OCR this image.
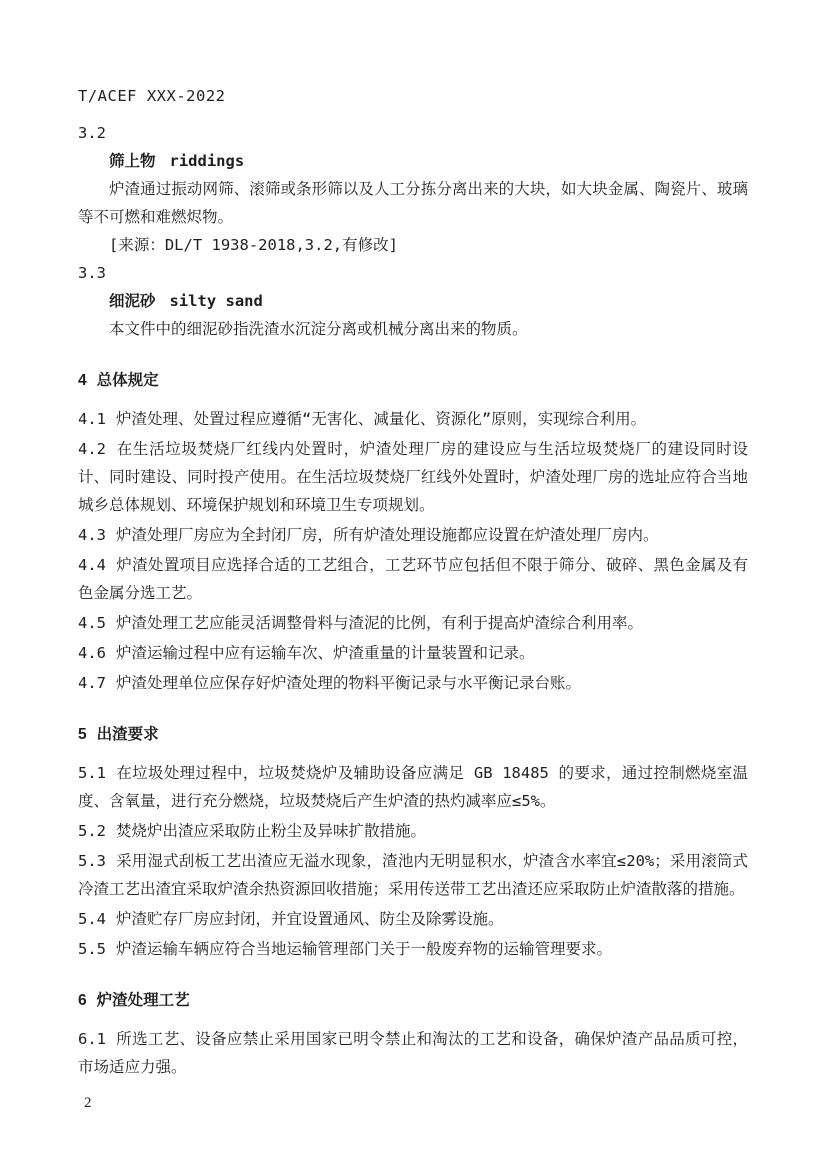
T/ACEF XXX-2022
3.2
筛上物 riddings

炉渣通过振动网筛、滚筛或条形筛以及人工分拣分离出来的大块，如大块金属、陶瓷片、玻璃等不可燃和难燃烬物。

[来源：DL/T 1938-2018,3.2,有修改]
3.3
细泥砂 silty sand

本文件中的细泥砂指洗渣水沉淀分离或机械分离出来的物质。

4 总体规定

4.1 炉渣处理、处置过程应遵循“无害化、减量化、资源化”原则，实现综合利用。

4.2 在生活垃圾焚烧厂红线内处置时，炉渣处理厂房的建设应与生活垃圾焚烧厂的建设同时设计、同时建设、同时投产使用。在生活垃圾焚烧厂红线外处置时，炉渣处理厂房的选址应符合当地城乡总体规划、环境保护规划和环境卫生专项规划。

4.3 炉渣处理厂房应为全封闭厂房，所有炉渣处理设施都应设置在炉渣处理厂房内。

4.4 炉渣处置项目应选择合适的工艺组合，工艺环节应包括但不限于筛分、破碎、黑色金属及有色金属分选工艺。

4.5 炉渣处理工艺应能灵活调整骨料与渣泥的比例，有利于提高炉渣综合利用率。

4.6 炉渣运输过程中应有运输车次、炉渣重量的计量装置和记录。

4.7 炉渣处理单位应保存好炉渣处理的物料平衡记录与水平衡记录台账。

5 出渣要求

5.1 在垃圾处理过程中，垃圾焚烧炉及辅助设备应满足 GB 18485 的要求，通过控制燃烧室温度、含氧量，进行充分燃烧，垃圾焚烧后产生炉渣的热灼减率应≤5%。

5.2 焚烧炉出渣应采取防止粉尘及异味扩散措施。

5.3 采用湿式刮板工艺出渣应无溢水现象，渣池内无明显积水，炉渣含水率宜≤20%；采用滚筒式冷渣工艺出渣宜采取炉渣余热资源回收措施；采用传送带工艺出渣还应采取防止炉渣散落的措施。

5.4 炉渣贮存厂房应封闭，并宜设置通风、防尘及除雾设施。

5.5 炉渣运输车辆应符合当地运输管理部门关于一般废弃物的运输管理要求。

6 炉渣处理工艺

6.1 所选工艺、设备应禁止采用国家已明令禁止和淘汰的工艺和设备，确保炉渣产品品质可控，市场适应力强。

2
